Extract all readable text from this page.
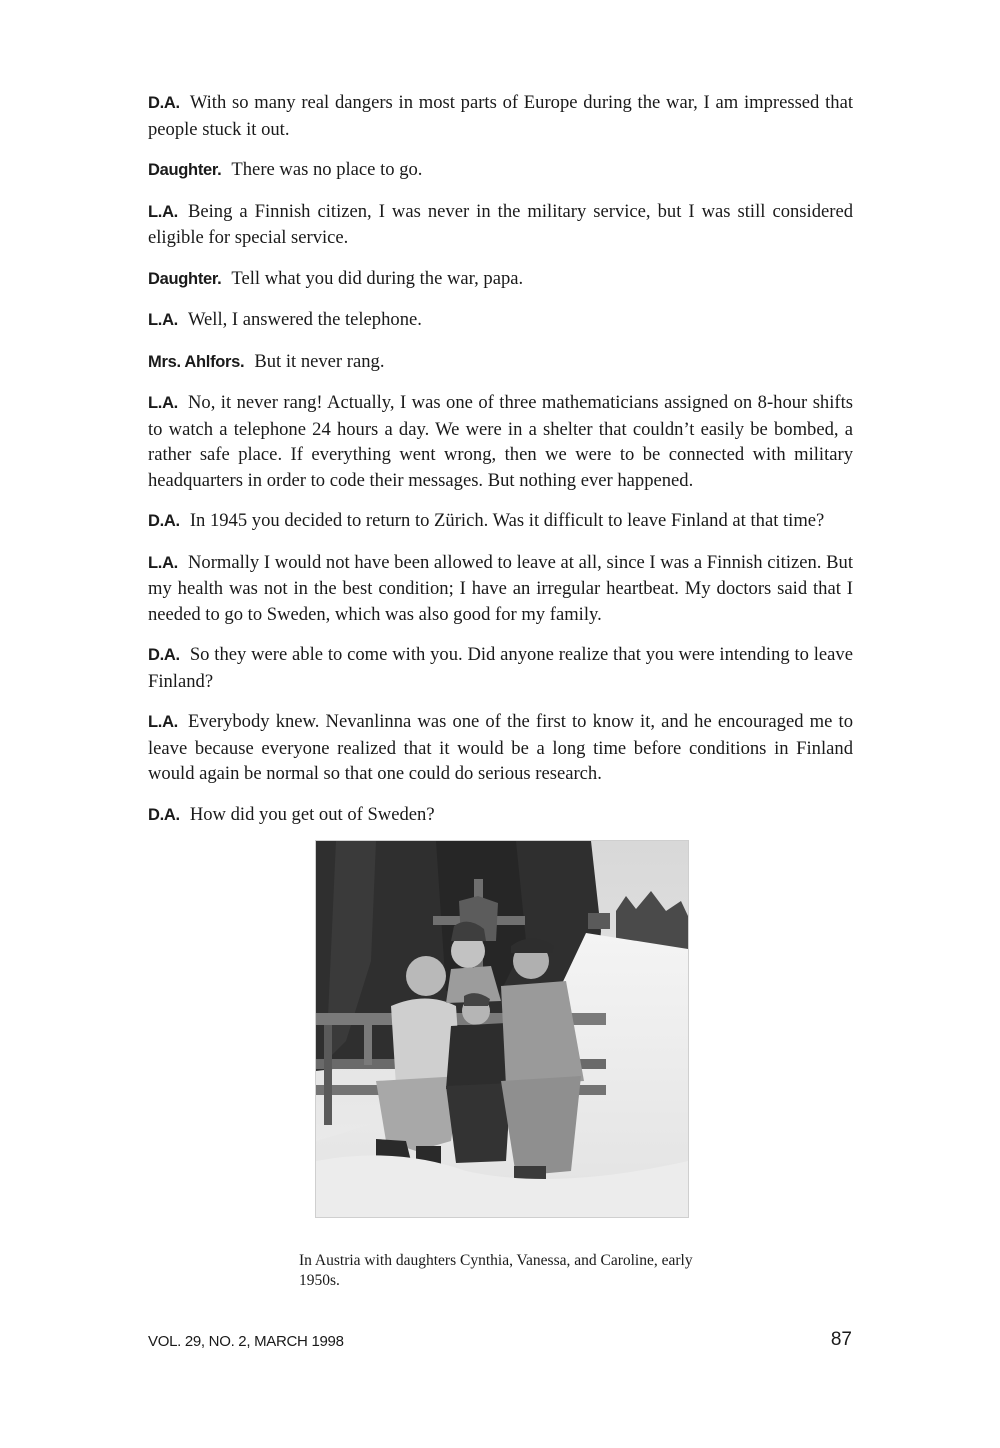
D.A. With so many real dangers in most parts of Europe during the war, I am impressed that people stuck it out.

Daughter. There was no place to go.

L.A. Being a Finnish citizen, I was never in the military service, but I was still considered eligible for special service.

Daughter. Tell what you did during the war, papa.

L.A. Well, I answered the telephone.

Mrs. Ahlfors. But it never rang.

L.A. No, it never rang! Actually, I was one of three mathematicians assigned on 8-hour shifts to watch a telephone 24 hours a day. We were in a shelter that couldn’t easily be bombed, a rather safe place. If everything went wrong, then we were to be connected with military headquarters in order to code their messages. But nothing ever happened.

D.A. In 1945 you decided to return to Zürich. Was it difficult to leave Finland at that time?

L.A. Normally I would not have been allowed to leave at all, since I was a Finnish citizen. But my health was not in the best condition; I have an irregular heartbeat. My doctors said that I needed to go to Sweden, which was also good for my family.

D.A. So they were able to come with you. Did anyone realize that you were intending to leave Finland?

L.A. Everybody knew. Nevanlinna was one of the first to know it, and he encouraged me to leave because everyone realized that it would be a long time before conditions in Finland would again be normal so that one could do serious research.

D.A. How did you get out of Sweden?

In Austria with daughters Cynthia, Vanessa, and Caroline, early 1950s.
VOL. 29, NO. 2, MARCH 1998	87
